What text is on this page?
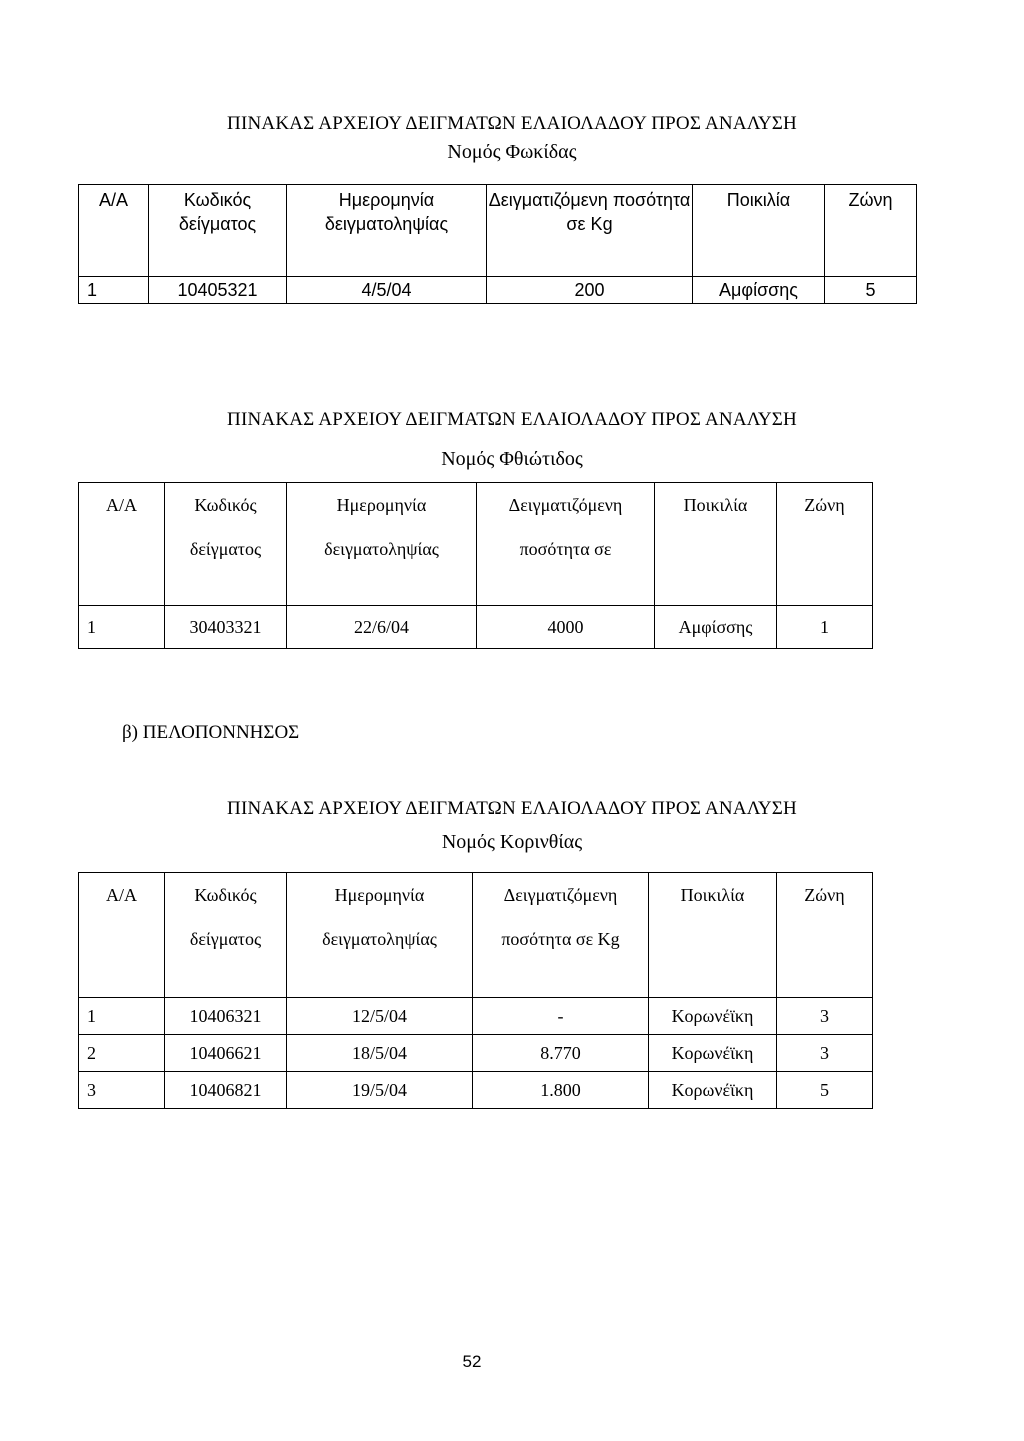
ΠΙΝΑΚΑΣ ΑΡΧΕΙΟΥ ΔΕΙΓΜΑΤΩΝ ΕΛΑΙΟΛΑΔΟΥ ΠΡΟΣ ΑΝΑΛΥΣΗ
Νομός Φωκίδας
Α/Α	Κωδικός δείγματος	Ημερομηνία δειγματοληψίας	Δειγματιζόμενη ποσότητα σε Kg	Ποικιλία	Ζώνη
1	10405321	4/5/04	200	Αμφίσσης	5
ΠΙΝΑΚΑΣ ΑΡΧΕΙΟΥ ΔΕΙΓΜΑΤΩΝ ΕΛΑΙΟΛΑΔΟΥ ΠΡΟΣ ΑΝΑΛΥΣΗ
Νομός Φθιώτιδος
Α/Α	Κωδικός δείγματος	Ημερομηνία δειγματοληψίας	Δειγματιζόμενη ποσότητα σε	Ποικιλία	Ζώνη
1	30403321	22/6/04	4000	Αμφίσσης	1
β) ΠΕΛΟΠΟΝΝΗΣΟΣ
ΠΙΝΑΚΑΣ ΑΡΧΕΙΟΥ ΔΕΙΓΜΑΤΩΝ ΕΛΑΙΟΛΑΔΟΥ ΠΡΟΣ ΑΝΑΛΥΣΗ
Νομός Κορινθίας
Α/Α	Κωδικός δείγματος	Ημερομηνία δειγματοληψίας	Δειγματιζόμενη ποσότητα σε Kg	Ποικιλία	Ζώνη
1	10406321	12/5/04	-	Κορωνέϊκη	3
2	10406621	18/5/04	8.770	Κορωνέϊκη	3
3	10406821	19/5/04	1.800	Κορωνέϊκη	5
52
